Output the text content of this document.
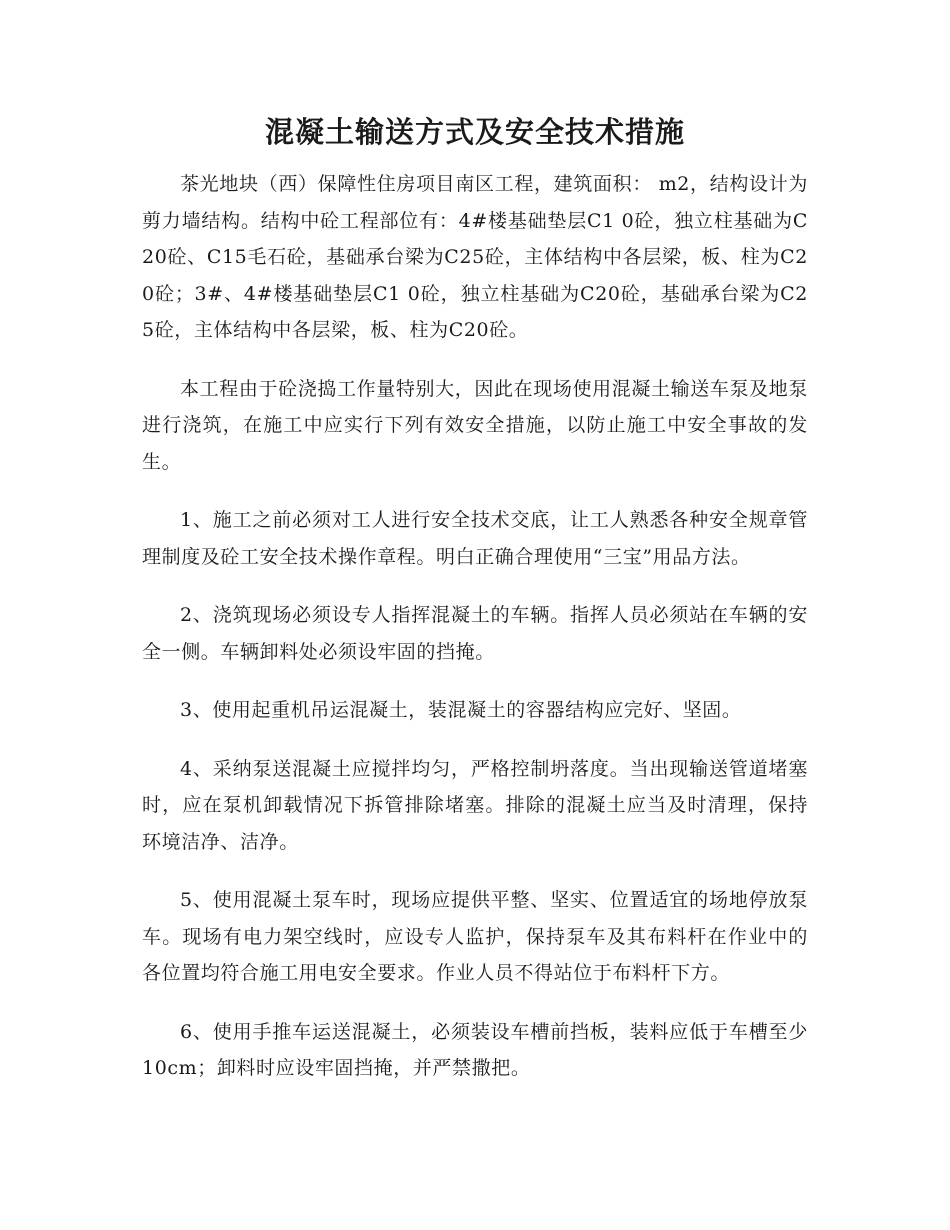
混凝土输送方式及安全技术措施

茶光地块（西）保障性住房项目南区工程，建筑面积： m2，结构设计为剪力墙结构。结构中砼工程部位有：4#楼基础垫层C1 0砼，独立柱基础为C20砼、C15毛石砼，基础承台梁为C25砼，主体结构中各层梁，板、柱为C20砼；3#、4#楼基础垫层C1 0砼，独立柱基础为C20砼，基础承台梁为C25砼，主体结构中各层梁，板、柱为C20砼。

本工程由于砼浇捣工作量特别大，因此在现场使用混凝土输送车泵及地泵进行浇筑，在施工中应实行下列有效安全措施，以防止施工中安全事故的发生。

1、施工之前必须对工人进行安全技术交底，让工人熟悉各种安全规章管理制度及砼工安全技术操作章程。明白正确合理使用“三宝”用品方法。

2、浇筑现场必须设专人指挥混凝土的车辆。指挥人员必须站在车辆的安全一侧。车辆卸料处必须设牢固的挡掩。

3、使用起重机吊运混凝土，装混凝土的容器结构应完好、坚固。

4、采纳泵送混凝土应搅拌均匀，严格控制坍落度。当出现输送管道堵塞时，应在泵机卸载情况下拆管排除堵塞。排除的混凝土应当及时清理，保持环境洁净、洁净。

5、使用混凝土泵车时，现场应提供平整、坚实、位置适宜的场地停放泵车。现场有电力架空线时，应设专人监护，保持泵车及其布料杆在作业中的各位置均符合施工用电安全要求。作业人员不得站位于布料杆下方。

6、使用手推车运送混凝土，必须装设车槽前挡板，装料应低于车槽至少10cm；卸料时应设牢固挡掩，并严禁撒把。
